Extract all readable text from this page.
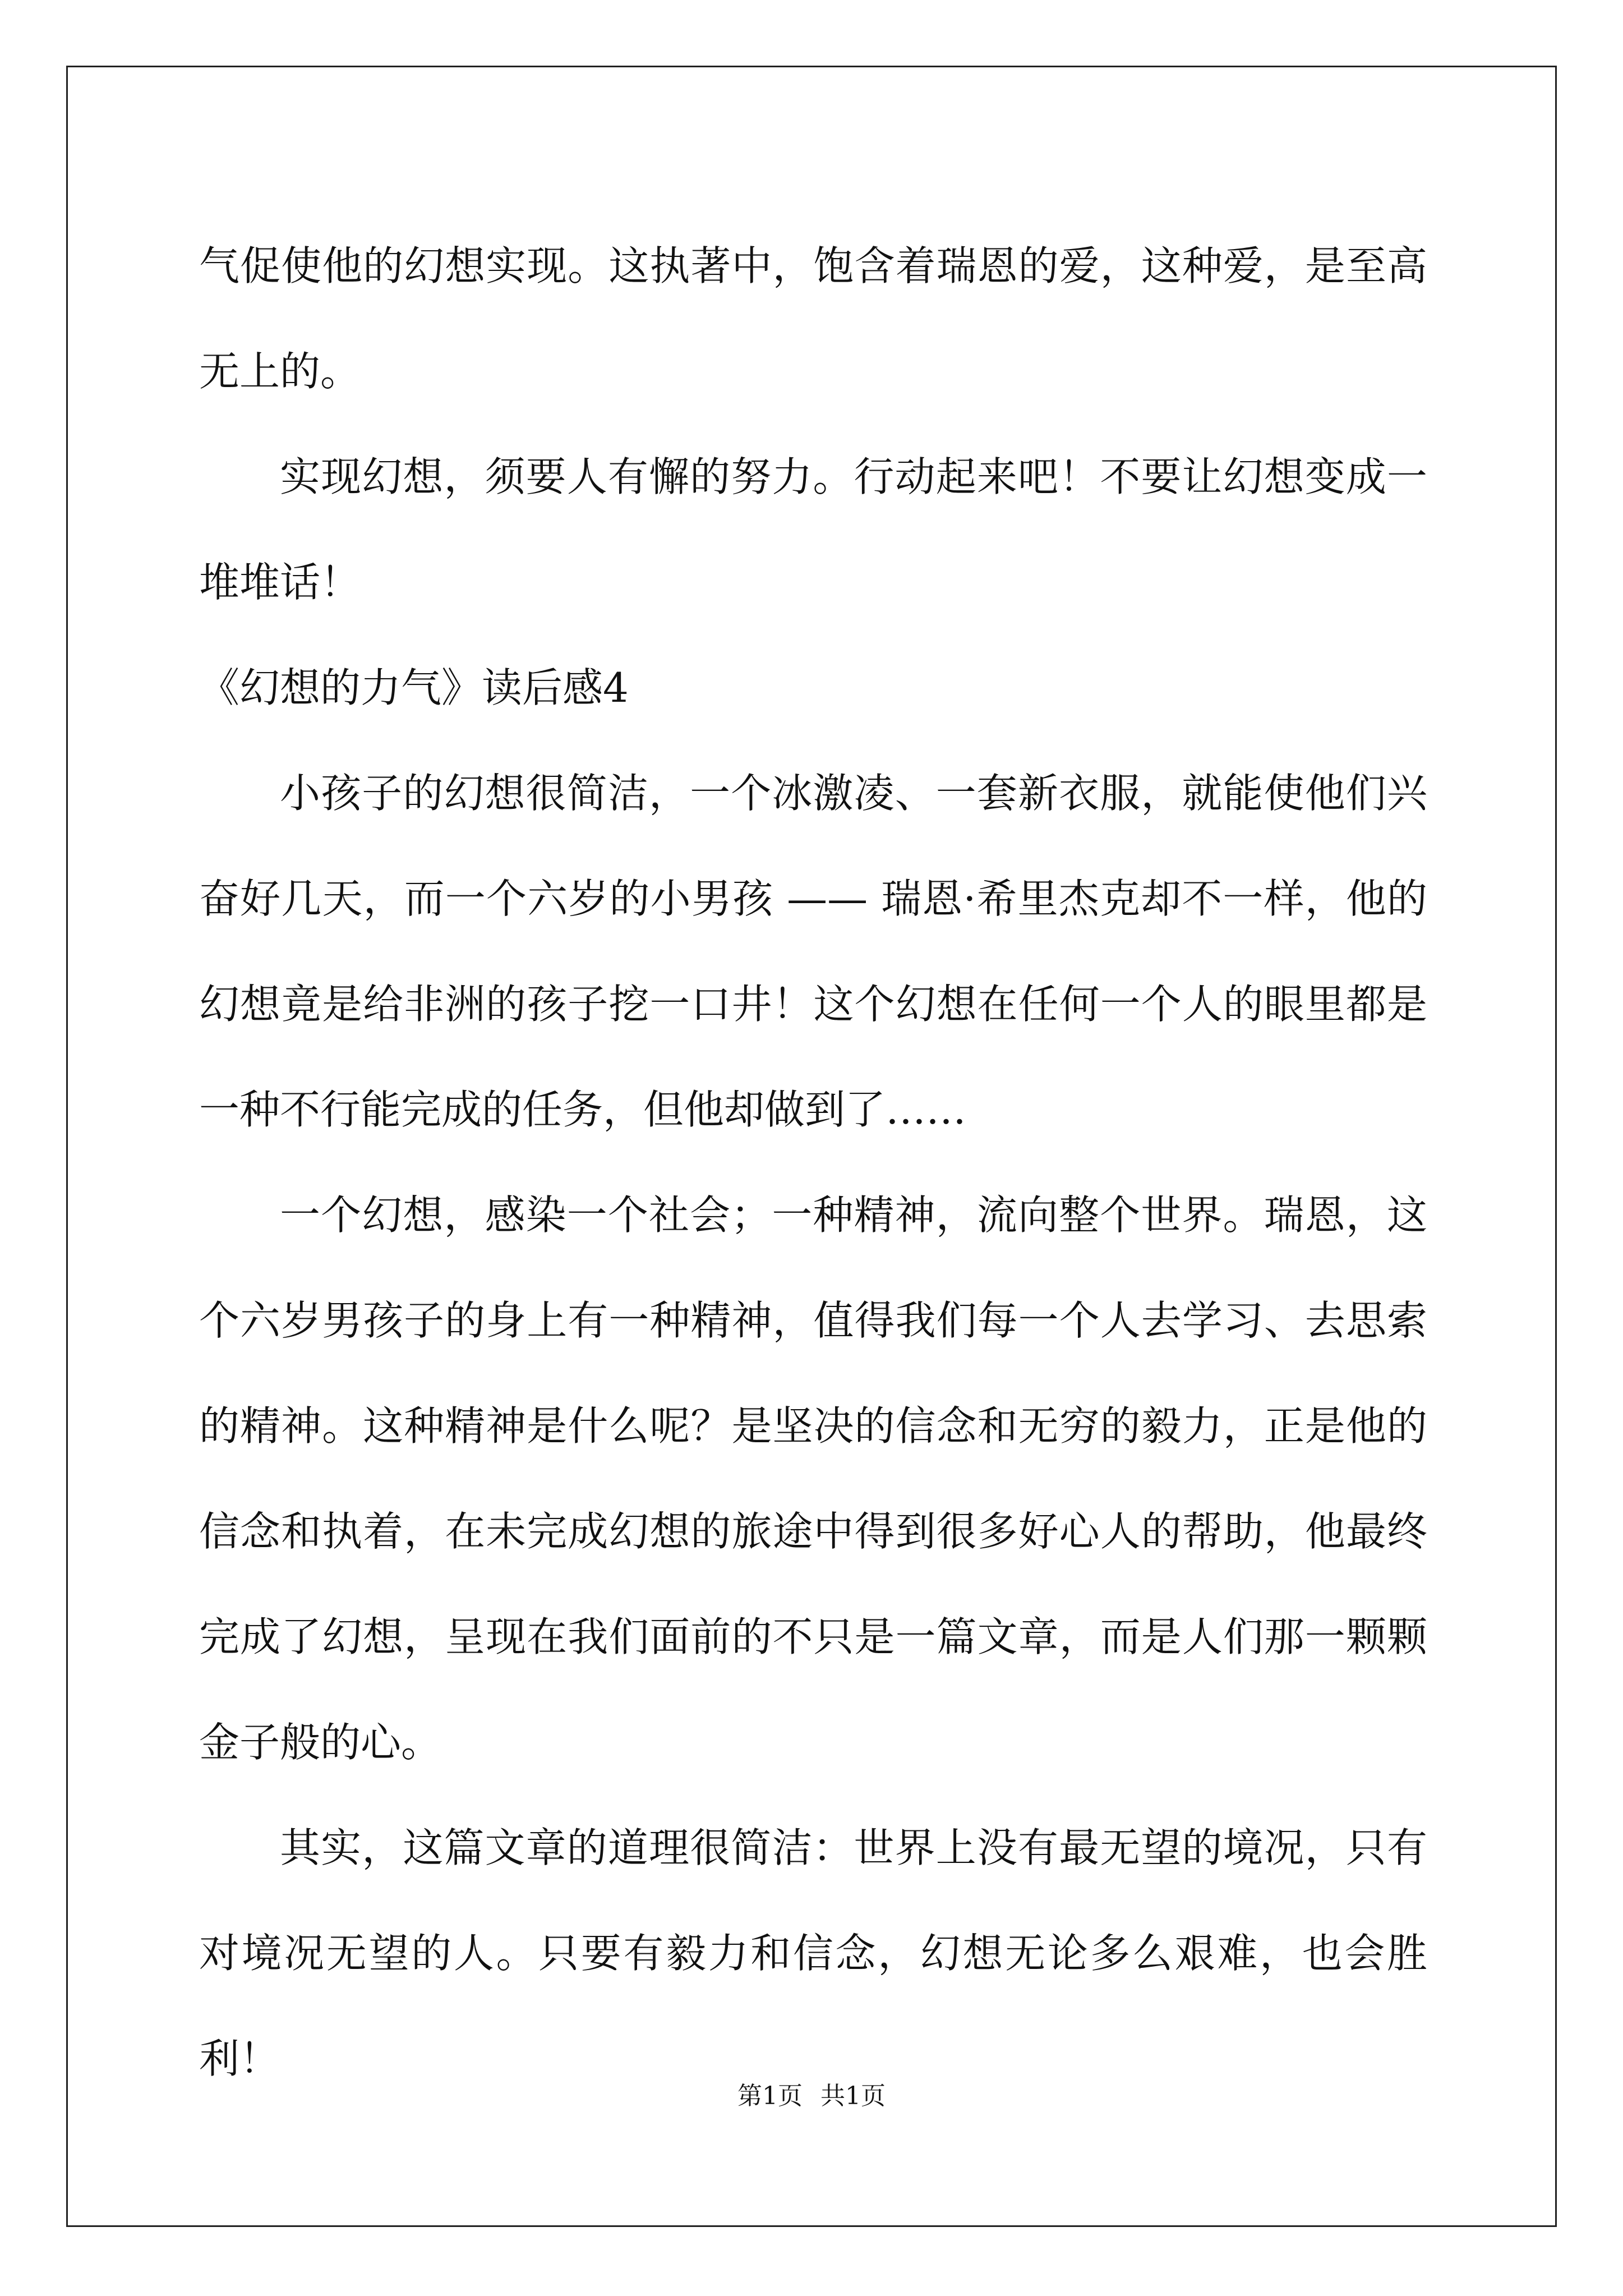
气促使他的幻想实现。这执著中，饱含着瑞恩的爱，这种爱，是至高无上的。

实现幻想，须要人有懈的努力。行动起来吧！不要让幻想变成一堆堆话！

《幻想的力气》读后感4

小孩子的幻想很简洁，一个冰激凌、一套新衣服，就能使他们兴奋好几天，而一个六岁的小男孩 —— 瑞恩·希里杰克却不一样，他的幻想竟是给非洲的孩子挖一口井！这个幻想在任何一个人的眼里都是一种不行能完成的任务，但他却做到了……

一个幻想，感染一个社会；一种精神，流向整个世界。瑞恩，这个六岁男孩子的身上有一种精神，值得我们每一个人去学习、去思索的精神。这种精神是什么呢？是坚决的信念和无穷的毅力，正是他的信念和执着，在未完成幻想的旅途中得到很多好心人的帮助，他最终完成了幻想，呈现在我们面前的不只是一篇文章，而是人们那一颗颗金子般的心。

其实，这篇文章的道理很简洁：世界上没有最无望的境况，只有对境况无望的人。只要有毅力和信念，幻想无论多么艰难，也会胜利！

第1页 共1页
